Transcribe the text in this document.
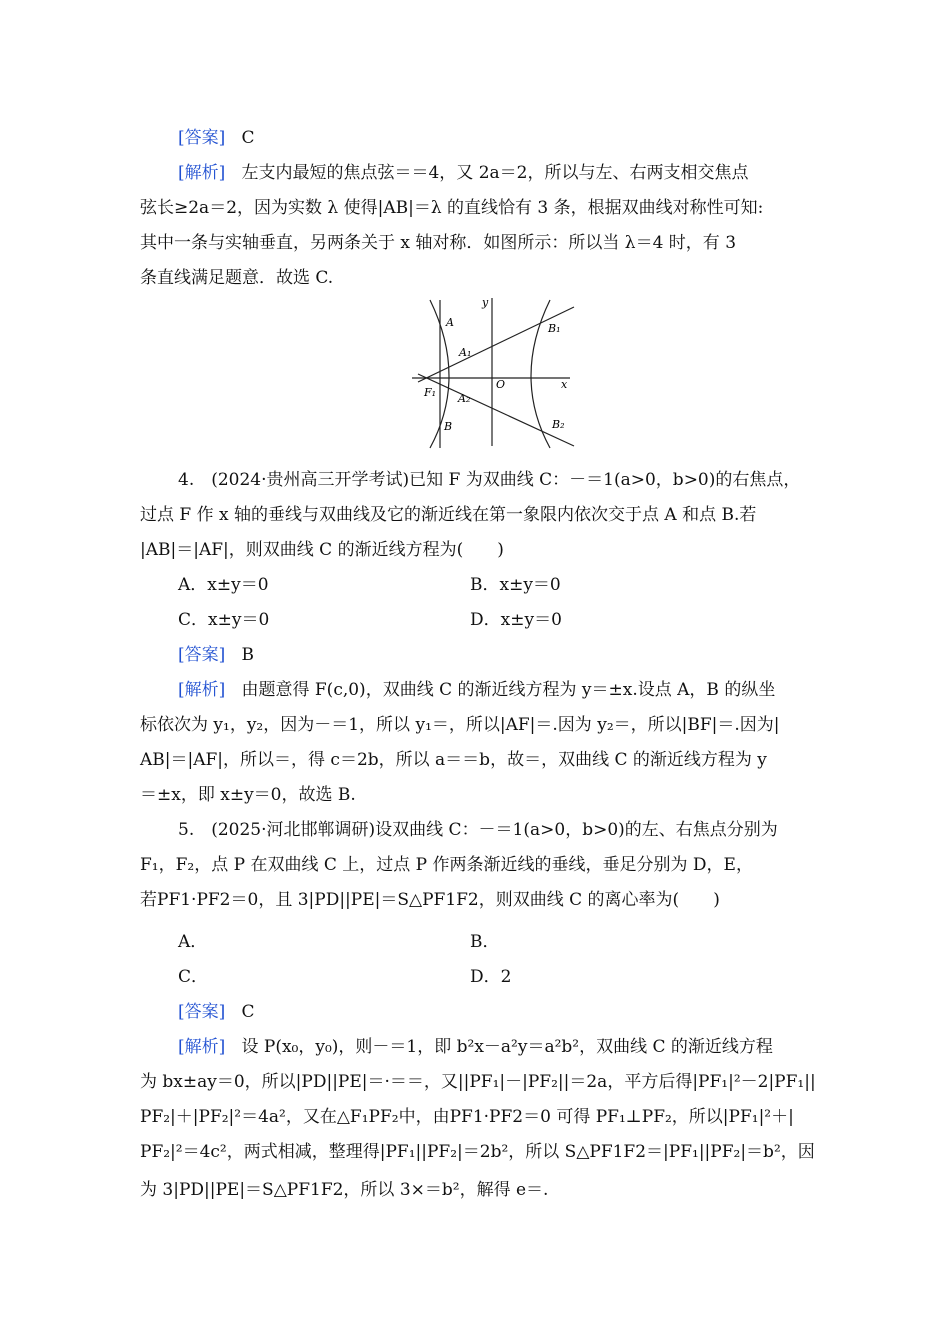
[答案] C
[解析] 左支内最短的焦点弦＝＝4，又 2a＝2，所以与左、右两支相交焦点
弦长≥2a＝2，因为实数 λ 使得|AB|＝λ 的直线恰有 3 条，根据双曲线对称性可知:
其中一条与实轴垂直，另两条关于 x 轴对称．如图所示：所以当 λ＝4 时，有 3
条直线满足题意．故选 C.
A
A₁
y
B₁
O	x
F₁ A₂
B	B₂
4.　(2024·贵州高三开学考试)已知 F 为双曲线 C：－＝1(a>0，b>0)的右焦点，
过点 F 作 x 轴的垂线与双曲线及它的渐近线在第一象限内依次交于点 A 和点 B.若
|AB|＝|AF|，则双曲线 C 的渐近线方程为(　　)
A．x±y＝0	B．x±y＝0
C．x±y＝0	D．x±y＝0
[答案] B
[解析] 由题意得 F(c,0)，双曲线 C 的渐近线方程为 y＝±x.设点 A，B 的纵坐
标依次为 y₁，y₂，因为－＝1，所以 y₁＝，所以|AF|＝.因为 y₂＝，所以|BF|＝.因为|
AB|＝|AF|，所以＝，得 c＝2b，所以 a＝＝b，故＝，双曲线 C 的渐近线方程为 y
＝±x，即 x±y＝0，故选 B.
5.　(2025·河北邯郸调研)设双曲线 C：－＝1(a>0，b>0)的左、右焦点分别为
F₁，F₂，点 P 在双曲线 C 上，过点 P 作两条渐近线的垂线，垂足分别为 D，E，
若PF1·PF2＝0，且 3|PD||PE|＝S△PF1F2，则双曲线 C 的离心率为(　　)
A．	B．
C．	D．2
[答案] C
[解析] 设 P(x₀，y₀)，则－＝1，即 b²x－a²y＝a²b²，双曲线 C 的渐近线方程
为 bx±ay＝0，所以|PD||PE|＝·＝＝，又||PF₁|－|PF₂||＝2a，平方后得|PF₁|²－2|PF₁||
PF₂|＋|PF₂|²＝4a²，又在△F₁PF₂中，由PF1·PF2＝0 可得 PF₁⊥PF₂，所以|PF₁|²＋|
PF₂|²＝4c²，两式相减，整理得|PF₁||PF₂|＝2b²，所以 S△PF1F2＝|PF₁||PF₂|＝b²，因
为 3|PD||PE|＝S△PF1F2，所以 3×＝b²，解得 e＝.
